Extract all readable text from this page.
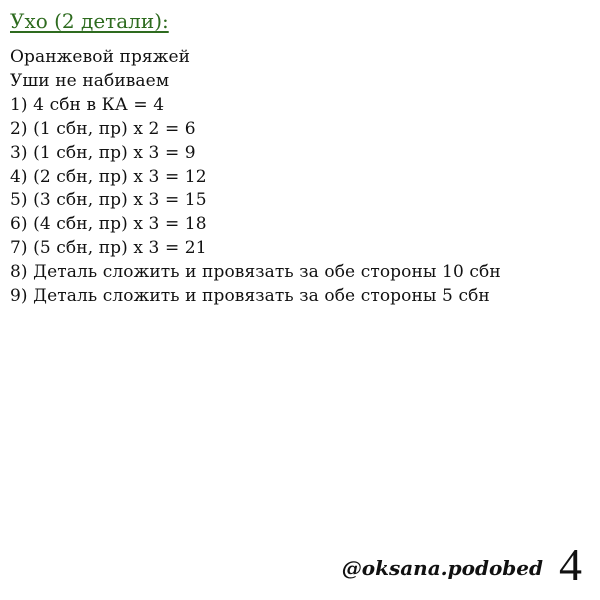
Ухо (2 детали):
Оранжевой пряжей
Уши не набиваем
1) 4 сбн в КА = 4
2) (1 сбн, пр) х 2 = 6
3) (1 сбн, пр) х 3 = 9
4) (2 сбн, пр) х 3 = 12
5) (3 сбн, пр) х 3 = 15
6) (4 сбн, пр) х 3 = 18
7) (5 сбн, пр) х 3 = 21
8) Деталь сложить и провязать за обе стороны 10 сбн
9) Деталь сложить и провязать за обе стороны 5 сбн
@oksana.podobed 4
